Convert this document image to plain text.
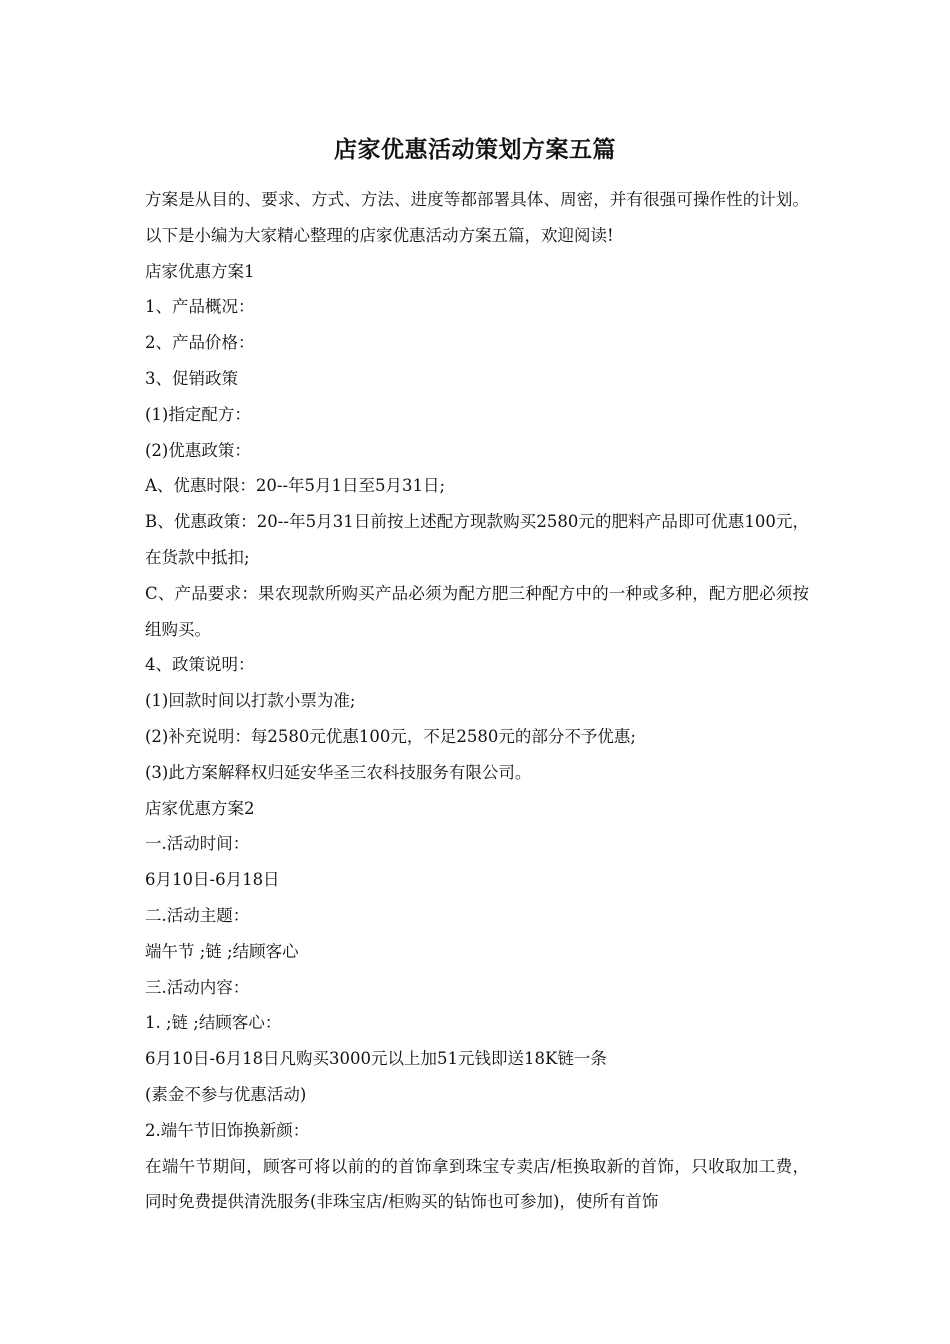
店家优惠活动策划方案五篇

方案是从目的、要求、方式、方法、进度等都部署具体、周密，并有很强可操作性的计划。以下是小编为大家精心整理的店家优惠活动方案五篇，欢迎阅读!

店家优惠方案1

1、产品概况：

2、产品价格：

3、促销政策

(1)指定配方：

(2)优惠政策：

A、优惠时限：20--年5月1日至5月31日;

B、优惠政策：20--年5月31日前按上述配方现款购买2580元的肥料产品即可优惠100元，在货款中抵扣;

C、产品要求：果农现款所购买产品必须为配方肥三种配方中的一种或多种，配方肥必须按组购买。

4、政策说明：

(1)回款时间以打款小票为准;

(2)补充说明：每2580元优惠100元，不足2580元的部分不予优惠;

(3)此方案解释权归延安华圣三农科技服务有限公司。

店家优惠方案2

一.活动时间：

6月10日-6月18日

二.活动主题：

端午节 ;链 ;结顾客心

三.活动内容：

1. ;链 ;结顾客心：

6月10日-6月18日凡购买3000元以上加51元钱即送18K链一条

(素金不参与优惠活动)

2.端午节旧饰换新颜：

在端午节期间，顾客可将以前的的首饰拿到珠宝专卖店/柜换取新的首饰，只收取加工费，同时免费提供清洗服务(非珠宝店/柜购买的钻饰也可参加)，使所有首饰
